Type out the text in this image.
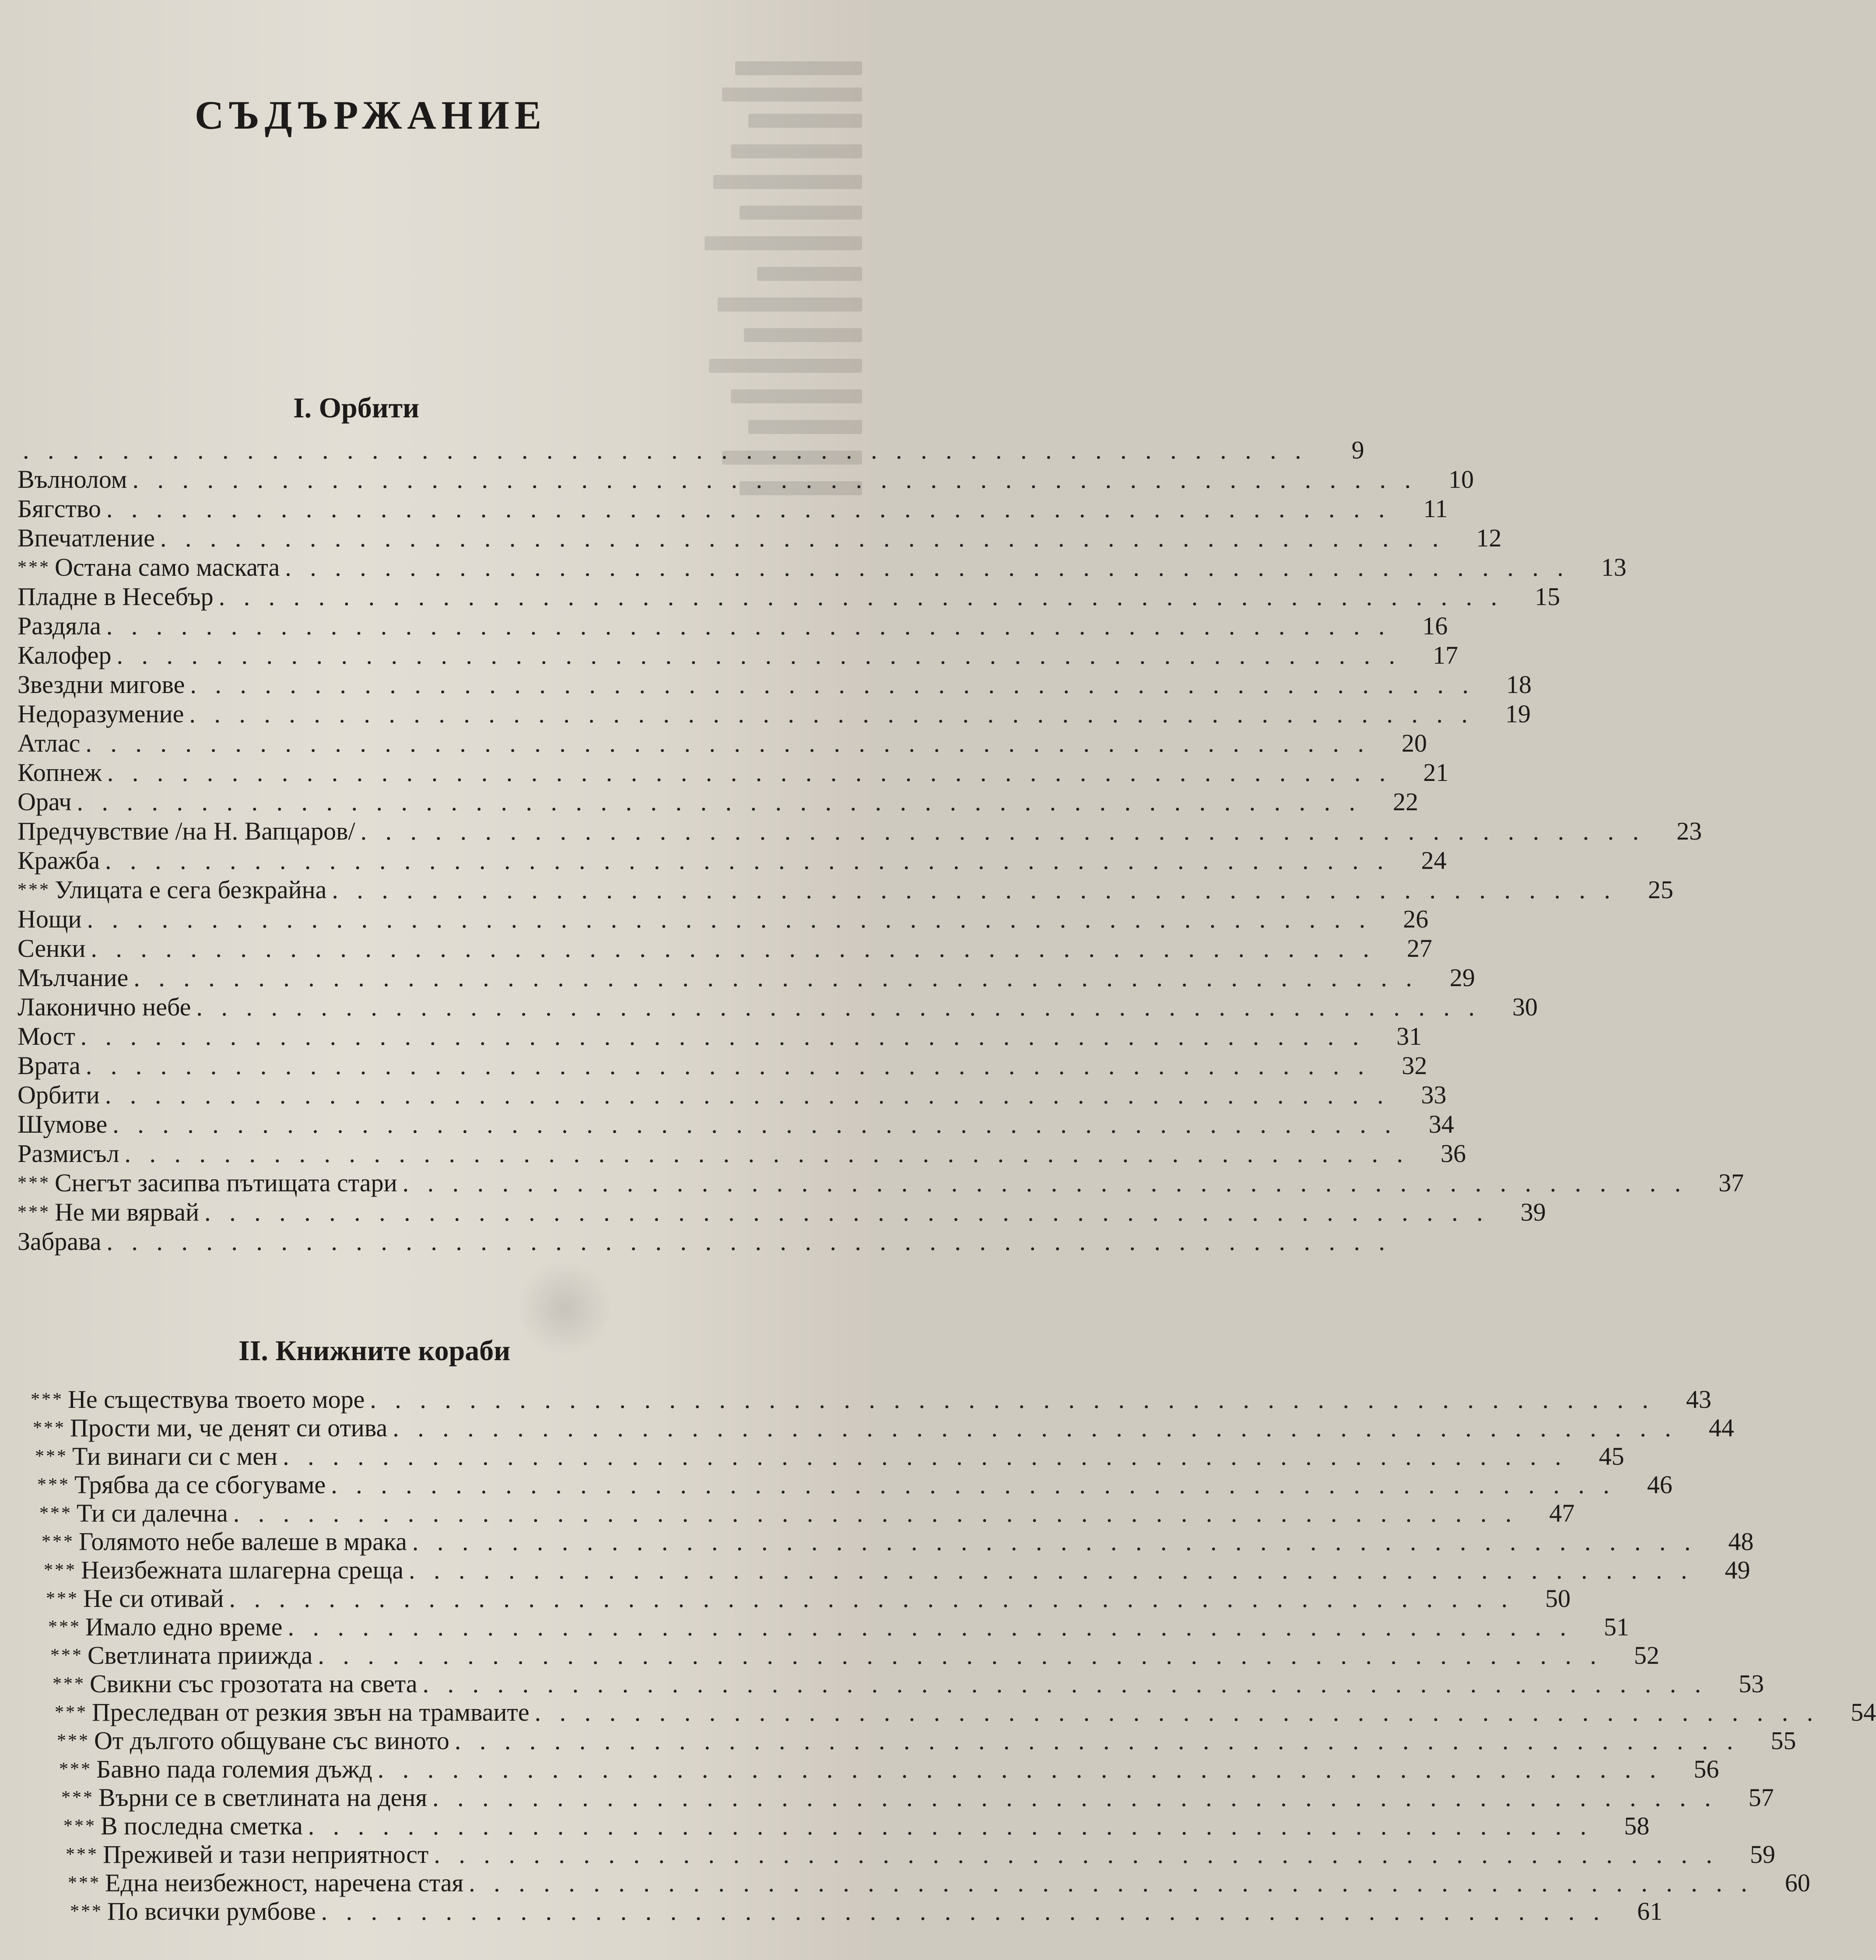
СЪДЪРЖАНИЕ
I. Орбити
. . . . . . . . . . . . . . . . . . . . . . . . . . . . . . . . . . . . . . . . . . . . . . . . . . . .	9
Вълнолом . . . . . . . . . . . . . . . . . . . . . . . . . . . . . . . . . . . . . . . . . . . . . . . . . . . .	10
Бягство . . . . . . . . . . . . . . . . . . . . . . . . . . . . . . . . . . . . . . . . . . . . . . . . . . . .	11
Впечатление . . . . . . . . . . . . . . . . . . . . . . . . . . . . . . . . . . . . . . . . . . . . . . . . . . . .	12
*** Остана само маската . . . . . . . . . . . . . . . . . . . . . . . . . . . . . . . . . . . . . . . . . . . . . . . . . . . .	13
Пладне в Несебър . . . . . . . . . . . . . . . . . . . . . . . . . . . . . . . . . . . . . . . . . . . . . . . . . . . .	15
Раздяла . . . . . . . . . . . . . . . . . . . . . . . . . . . . . . . . . . . . . . . . . . . . . . . . . . . .	16
Калофер . . . . . . . . . . . . . . . . . . . . . . . . . . . . . . . . . . . . . . . . . . . . . . . . . . . .	17
Звездни мигове . . . . . . . . . . . . . . . . . . . . . . . . . . . . . . . . . . . . . . . . . . . . . . . . . . . .	18
Недоразумение . . . . . . . . . . . . . . . . . . . . . . . . . . . . . . . . . . . . . . . . . . . . . . . . . . . .	19
Атлас . . . . . . . . . . . . . . . . . . . . . . . . . . . . . . . . . . . . . . . . . . . . . . . . . . . .	20
Копнеж . . . . . . . . . . . . . . . . . . . . . . . . . . . . . . . . . . . . . . . . . . . . . . . . . . . .	21
Орач . . . . . . . . . . . . . . . . . . . . . . . . . . . . . . . . . . . . . . . . . . . . . . . . . . . .	22
Предчувствие /на Н. Вапцаров/ . . . . . . . . . . . . . . . . . . . . . . . . . . . . . . . . . . . . . . . . . . . . . . . . . . . .	23
Кражба . . . . . . . . . . . . . . . . . . . . . . . . . . . . . . . . . . . . . . . . . . . . . . . . . . . .	24
*** Улицата е сега безкрайна . . . . . . . . . . . . . . . . . . . . . . . . . . . . . . . . . . . . . . . . . . . . . . . . . . . .	25
Нощи . . . . . . . . . . . . . . . . . . . . . . . . . . . . . . . . . . . . . . . . . . . . . . . . . . . .	26
Сенки . . . . . . . . . . . . . . . . . . . . . . . . . . . . . . . . . . . . . . . . . . . . . . . . . . . .	27
Мълчание . . . . . . . . . . . . . . . . . . . . . . . . . . . . . . . . . . . . . . . . . . . . . . . . . . . .	29
Лаконично небе . . . . . . . . . . . . . . . . . . . . . . . . . . . . . . . . . . . . . . . . . . . . . . . . . . . .	30
Мост . . . . . . . . . . . . . . . . . . . . . . . . . . . . . . . . . . . . . . . . . . . . . . . . . . . .	31
Врата . . . . . . . . . . . . . . . . . . . . . . . . . . . . . . . . . . . . . . . . . . . . . . . . . . . .	32
Орбити . . . . . . . . . . . . . . . . . . . . . . . . . . . . . . . . . . . . . . . . . . . . . . . . . . . .	33
Шумове . . . . . . . . . . . . . . . . . . . . . . . . . . . . . . . . . . . . . . . . . . . . . . . . . . . .	34
Размисъл . . . . . . . . . . . . . . . . . . . . . . . . . . . . . . . . . . . . . . . . . . . . . . . . . . . .	36
*** Снегът засипва пътищата стари . . . . . . . . . . . . . . . . . . . . . . . . . . . . . . . . . . . . . . . . . . . . . . . . . . . .	37
*** Не ми вярвай . . . . . . . . . . . . . . . . . . . . . . . . . . . . . . . . . . . . . . . . . . . . . . . . . . . .	39
Забрава . . . . . . . . . . . . . . . . . . . . . . . . . . . . . . . . . . . . . . . . . . . . . . . . . . . .
II. Книжните кораби
*** Не съществува твоето море . . . . . . . . . . . . . . . . . . . . . . . . . . . . . . . . . . . . . . . . . . . . . . . . . . . .	43
*** Прости ми, че денят си отива . . . . . . . . . . . . . . . . . . . . . . . . . . . . . . . . . . . . . . . . . . . . . . . . . . . .	44
*** Ти винаги си с мен . . . . . . . . . . . . . . . . . . . . . . . . . . . . . . . . . . . . . . . . . . . . . . . . . . . .	45
*** Трябва да се сбогуваме . . . . . . . . . . . . . . . . . . . . . . . . . . . . . . . . . . . . . . . . . . . . . . . . . . . .	46
*** Ти си далечна . . . . . . . . . . . . . . . . . . . . . . . . . . . . . . . . . . . . . . . . . . . . . . . . . . . .	47
*** Голямото небе валеше в мрака . . . . . . . . . . . . . . . . . . . . . . . . . . . . . . . . . . . . . . . . . . . . . . . . . . . .	48
*** Неизбежната шлагерна среща . . . . . . . . . . . . . . . . . . . . . . . . . . . . . . . . . . . . . . . . . . . . . . . . . . . .	49
*** Не си отивай . . . . . . . . . . . . . . . . . . . . . . . . . . . . . . . . . . . . . . . . . . . . . . . . . . . .	50
*** Имало едно време . . . . . . . . . . . . . . . . . . . . . . . . . . . . . . . . . . . . . . . . . . . . . . . . . . . .	51
*** Светлината приижда . . . . . . . . . . . . . . . . . . . . . . . . . . . . . . . . . . . . . . . . . . . . . . . . . . . .	52
*** Свикни със грозотата на света . . . . . . . . . . . . . . . . . . . . . . . . . . . . . . . . . . . . . . . . . . . . . . . . . . . .	53
*** Преследван от резкия звън на трамваите . . . . . . . . . . . . . . . . . . . . . . . . . . . . . . . . . . . . . . . . . . . . . . . . . . . .	54
*** От дългото общуване със виното . . . . . . . . . . . . . . . . . . . . . . . . . . . . . . . . . . . . . . . . . . . . . . . . . . . .	55
*** Бавно пада големия дъжд . . . . . . . . . . . . . . . . . . . . . . . . . . . . . . . . . . . . . . . . . . . . . . . . . . . .	56
*** Върни се в светлината на деня . . . . . . . . . . . . . . . . . . . . . . . . . . . . . . . . . . . . . . . . . . . . . . . . . . . .	57
*** В последна сметка . . . . . . . . . . . . . . . . . . . . . . . . . . . . . . . . . . . . . . . . . . . . . . . . . . . .	58
*** Преживей и тази неприятност . . . . . . . . . . . . . . . . . . . . . . . . . . . . . . . . . . . . . . . . . . . . . . . . . . . .	59
*** Една неизбежност, наречена стая . . . . . . . . . . . . . . . . . . . . . . . . . . . . . . . . . . . . . . . . . . . . . . . . . . . .	60
*** По всички румбове . . . . . . . . . . . . . . . . . . . . . . . . . . . . . . . . . . . . . . . . . . . . . . . . . . . .	61
